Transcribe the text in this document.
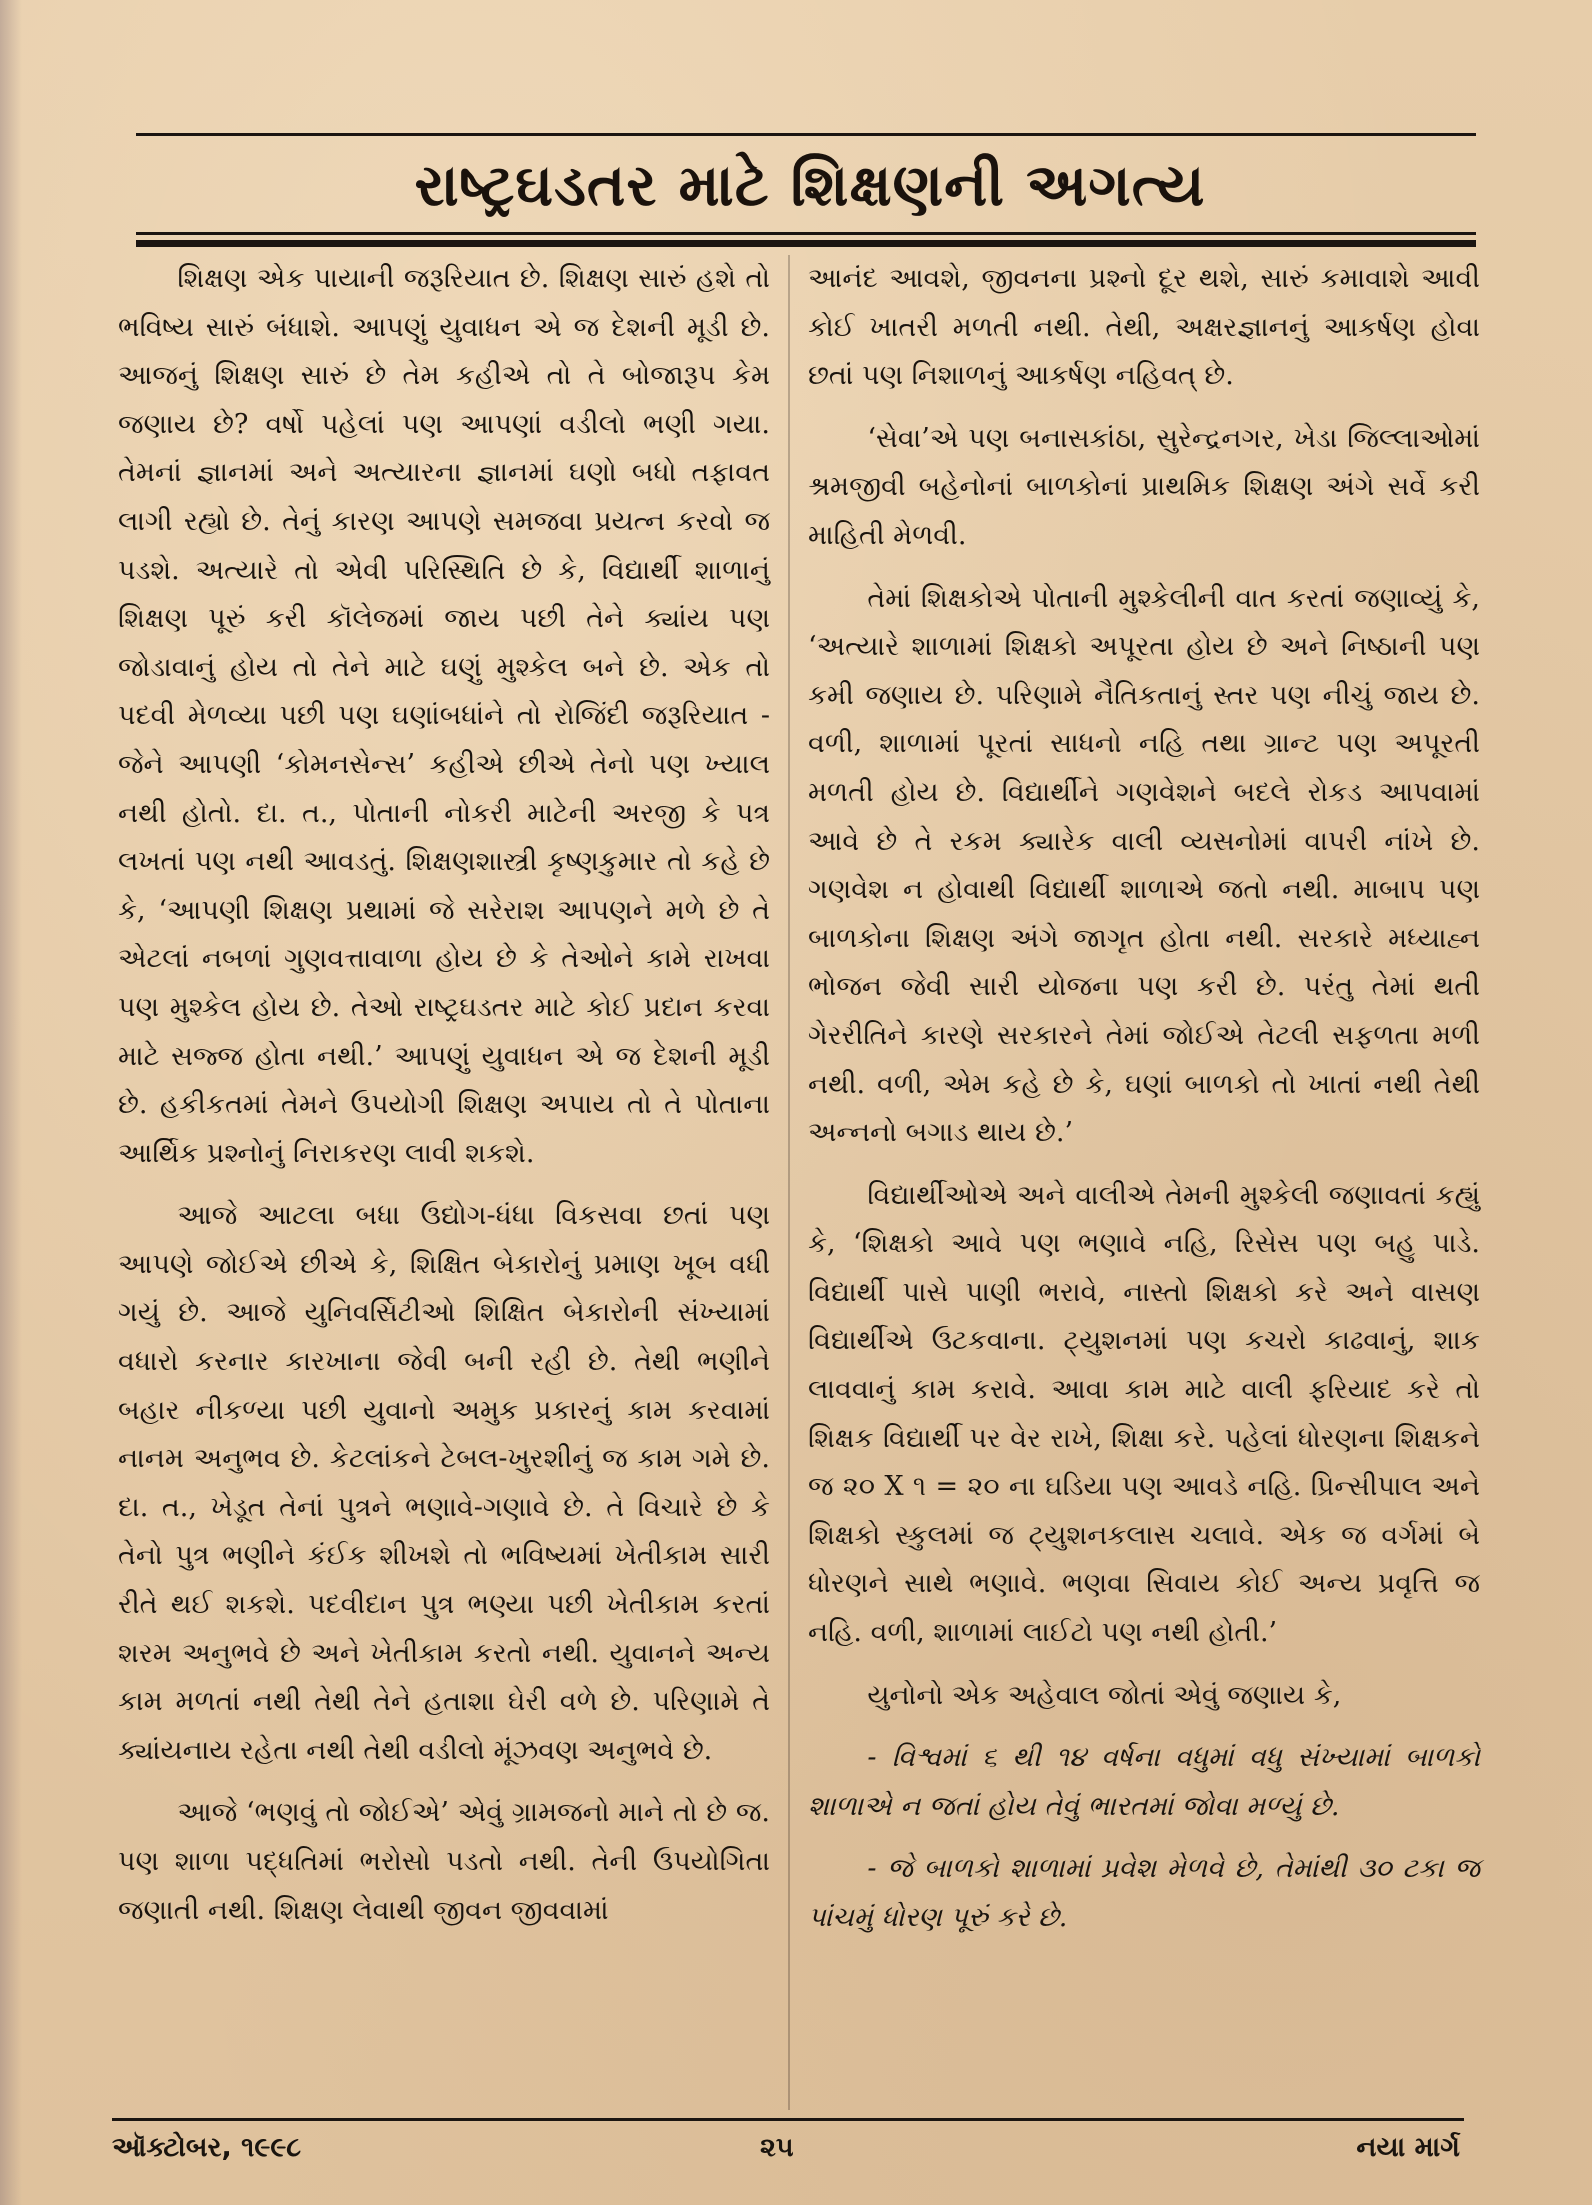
રાષ્ટ્રઘડતર માટે શિક્ષણની અગત્ય

શિક્ષણ એક પાયાની જરૂરિયાત છે. શિક્ષણ સારું હશે તો ભવિષ્ય સારું બંધાશે. આપણું યુવાધન એ જ દેશની મૂડી છે. આજનું શિક્ષણ સારું છે તેમ કહીએ તો તે બોજારૂપ કેમ જણાય છે? વર્ષો પહેલાં પણ આપણાં વડીલો ભણી ગયા. તેમનાં જ્ઞાનમાં અને અત્યારના જ્ઞાનમાં ઘણો બધો તફાવત લાગી રહ્યો છે. તેનું કારણ આપણે સમજવા પ્રયત્ન કરવો જ પડશે. અત્યારે તો એવી પરિસ્થિતિ છે કે, વિદ્યાર્થી શાળાનું શિક્ષણ પૂરું કરી કૉલેજમાં જાય પછી તેને ક્યાંય પણ જોડાવાનું હોય તો તેને માટે ઘણું મુશ્કેલ બને છે. એક તો પદવી મેળવ્યા પછી પણ ઘણાંબધાંને તો રોજિંદી જરૂરિયાત - જેને આપણી ‘કોમનસેન્સ’ કહીએ છીએ તેનો પણ ખ્યાલ નથી હોતો. દા. ત., પોતાની નોકરી માટેની અરજી કે પત્ર લખતાં પણ નથી આવડતું. શિક્ષણશાસ્ત્રી કૃષ્ણકુમાર તો કહે છે કે, ‘આપણી શિક્ષણ પ્રથામાં જે સરેરાશ આપણને મળે છે તે એટલાં નબળાં ગુણવત્તાવાળા હોય છે કે તેઓને કામે રાખવા પણ મુશ્કેલ હોય છે. તેઓ રાષ્ટ્રઘડતર માટે કોઈ પ્રદાન કરવા માટે સજ્જ હોતા નથી.’ આપણું યુવાધન એ જ દેશની મૂડી છે. હકીકતમાં તેમને ઉપયોગી શિક્ષણ અપાય તો તે પોતાના આર્થિક પ્રશ્નોનું નિરાકરણ લાવી શકશે.

આજે આટલા બધા ઉદ્યોગ-ધંધા વિકસવા છતાં પણ આપણે જોઈએ છીએ કે, શિક્ષિત બેકારોનું પ્રમાણ ખૂબ વધી ગયું છે. આજે યુનિવર્સિટીઓ શિક્ષિત બેકારોની સંખ્યામાં વધારો કરનાર કારખાના જેવી બની રહી છે. તેથી ભણીને બહાર નીકળ્યા પછી યુવાનો અમુક પ્રકારનું કામ કરવામાં નાનમ અનુભવ છે. કેટલાંકને ટેબલ-ખુરશીનું જ કામ ગમે છે. દા. ત., ખેડૂત તેનાં પુત્રને ભણાવે-ગણાવે છે. તે વિચારે છે કે તેનો પુત્ર ભણીને કંઈક શીખશે તો ભવિષ્યમાં ખેતીકામ સારી રીતે થઈ શકશે. પદવીદાન પુત્ર ભણ્યા પછી ખેતીકામ કરતાં શરમ અનુભવે છે અને ખેતીકામ કરતો નથી. યુવાનને અન્ય કામ મળતાં નથી તેથી તેને હતાશા ઘેરી વળે છે. પરિણામે તે ક્યાંયનાય રહેતા નથી તેથી વડીલો મૂંઝવણ અનુભવે છે.

આજે ‘ભણવું તો જોઈએ’ એવું ગ્રામજનો માને તો છે જ. પણ શાળા પદ્ધતિમાં ભરોસો પડતો નથી. તેની ઉપયોગિતા જણાતી નથી. શિક્ષણ લેવાથી જીવન જીવવામાં

આનંદ આવશે, જીવનના પ્રશ્નો દૂર થશે, સારું કમાવાશે આવી કોઈ ખાતરી મળતી નથી. તેથી, અક્ષરજ્ઞાનનું આકર્ષણ હોવા છતાં પણ નિશાળનું આકર્ષણ નહિવત્ છે.

‘સેવા’એ પણ બનાસકાંઠા, સુરેન્દ્રનગર, ખેડા જિલ્લાઓમાં શ્રમજીવી બહેનોનાં બાળકોનાં પ્રાથમિક શિક્ષણ અંગે સર્વે કરી માહિતી મેળવી.

તેમાં શિક્ષકોએ પોતાની મુશ્કેલીની વાત કરતાં જણાવ્યું કે, ‘અત્યારે શાળામાં શિક્ષકો અપૂરતા હોય છે અને નિષ્ઠાની પણ કમી જણાય છે. પરિણામે નૈતિકતાનું સ્તર પણ નીચું જાય છે. વળી, શાળામાં પૂરતાં સાધનો નહિ તથા ગ્રાન્ટ પણ અપૂરતી મળતી હોય છે. વિદ્યાર્થીને ગણવેશને બદલે રોકડ આપવામાં આવે છે તે રકમ ક્યારેક વાલી વ્યસનોમાં વાપરી નાંખે છે. ગણવેશ ન હોવાથી વિદ્યાર્થી શાળાએ જતો નથી. માબાપ પણ બાળકોના શિક્ષણ અંગે જાગૃત હોતા નથી. સરકારે મધ્યાહ્ન ભોજન જેવી સારી યોજના પણ કરી છે. પરંતુ તેમાં થતી ગેરરીતિને કારણે સરકારને તેમાં જોઈએ તેટલી સફળતા મળી નથી. વળી, એમ કહે છે કે, ઘણાં બાળકો તો ખાતાં નથી તેથી અન્નનો બગાડ થાય છે.’

વિદ્યાર્થીઓએ અને વાલીએ તેમની મુશ્કેલી જણાવતાં કહ્યું કે, ‘શિક્ષકો આવે પણ ભણાવે નહિ, રિસેસ પણ બહુ પાડે. વિદ્યાર્થી પાસે પાણી ભરાવે, નાસ્તો શિક્ષકો કરે અને વાસણ વિદ્યાર્થીએ ઉટકવાના. ટ્યુશનમાં પણ કચરો કાઢવાનું, શાક લાવવાનું કામ કરાવે. આવા કામ માટે વાલી ફરિયાદ કરે તો શિક્ષક વિદ્યાર્થી પર વેર રાખે, શિક્ષા કરે. પહેલાં ધોરણના શિક્ષકને જ ૨૦ X ૧ = ૨૦ ના ઘડિયા પણ આવડે નહિ. પ્રિન્સીપાલ અને શિક્ષકો સ્કુલમાં જ ટ્યુશનકલાસ ચલાવે. એક જ વર્ગમાં બે ધોરણને સાથે ભણાવે. ભણવા સિવાય કોઈ અન્ય પ્રવૃત્તિ જ નહિ. વળી, શાળામાં લાઈટો પણ નથી હોતી.’

યુનોનો એક અહેવાલ જોતાં એવું જણાય કે,

- વિશ્વમાં ૬ થી ૧૪ વર્ષના વધુમાં વધુ સંખ્યામાં બાળકો શાળાએ ન જતાં હોય તેવું ભારતમાં જોવા મળ્યું છે.

- જે બાળકો શાળામાં પ્રવેશ મેળવે છે, તેમાંથી ૩૦ ટકા જ પાંચમું ધોરણ પૂરું કરે છે.

ઑક્ટોબર, ૧૯૯૮	૨૫	નયા માર્ગ
